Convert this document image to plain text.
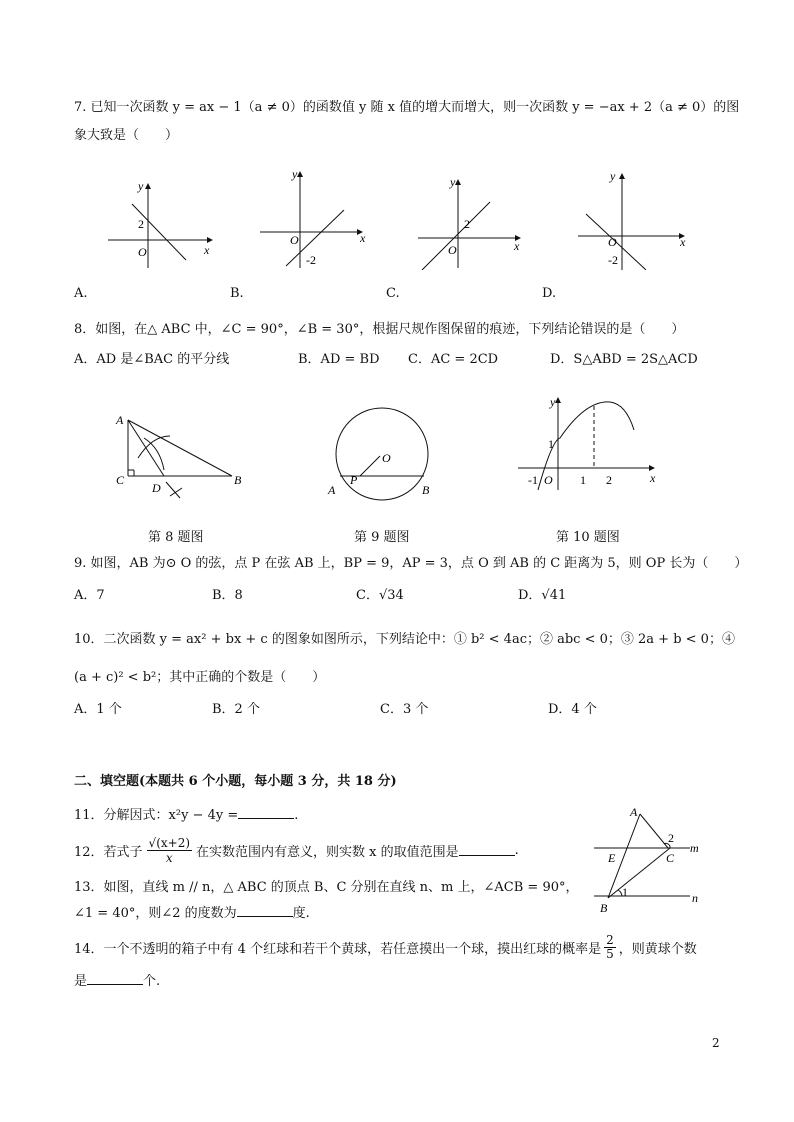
7. 已知一次函数 y = ax − 1（a ≠ 0）的函数值 y 随 x 值的增大而增大，则一次函数 y = −ax + 2（a ≠ 0）的图
象大致是（　　）
y
x
O
2
y
x
O
-2
y
x
O
2
y
x
O
-2
A.	B.	C.	D.
8．如图，在△ ABC 中，∠C = 90°，∠B = 30°，根据尺规作图保留的痕迹，下列结论错误的是（　　）
A．AD 是∠BAC 的平分线	B．AD = BD C．AC = 2CD	D．S△ABD = 2S△ACD
A
C
D
B
第 8 题图
O
P
A	B
第 9 题图
y
x
1
-1 O 1 2
第 10 题图
9. 如图，AB 为⊙ O 的弦，点 P 在弦 AB 上，BP = 9，AP = 3，点 O 到 AB 的 C 距离为 5，则 OP 长为（　　）
A．7	B．8	C．√34	D．√41
10．二次函数 y = ax² + bx + c 的图象如图所示，下列结论中：① b² < 4ac；② abc < 0；③ 2a + b < 0；④
(a + c)² < b²；其中正确的个数是（　　）
A．1 个	B．2 个	C．3 个	D．4 个
二、填空题(本题共 6 个小题，每小题 3 分，共 18 分)
11．分解因式：x²y − 4y =	.
12．若式子
√(x+2)
x 在实数范围内有意义，则实数 x 的取值范围是	.
13．如图，直线 m // n，△ ABC 的顶点 B、C 分别在直线 n、m 上，∠ACB = 90°，
∠1 = 40°，则∠2 的度数为	度.
A
E
2
C
m
1
B
n
14．一个不透明的箱子中有 4 个红球和若干个黄球，若任意摸出一个球，摸出红球的概率是
2
5 ，则黄球个数
是	个.
2
